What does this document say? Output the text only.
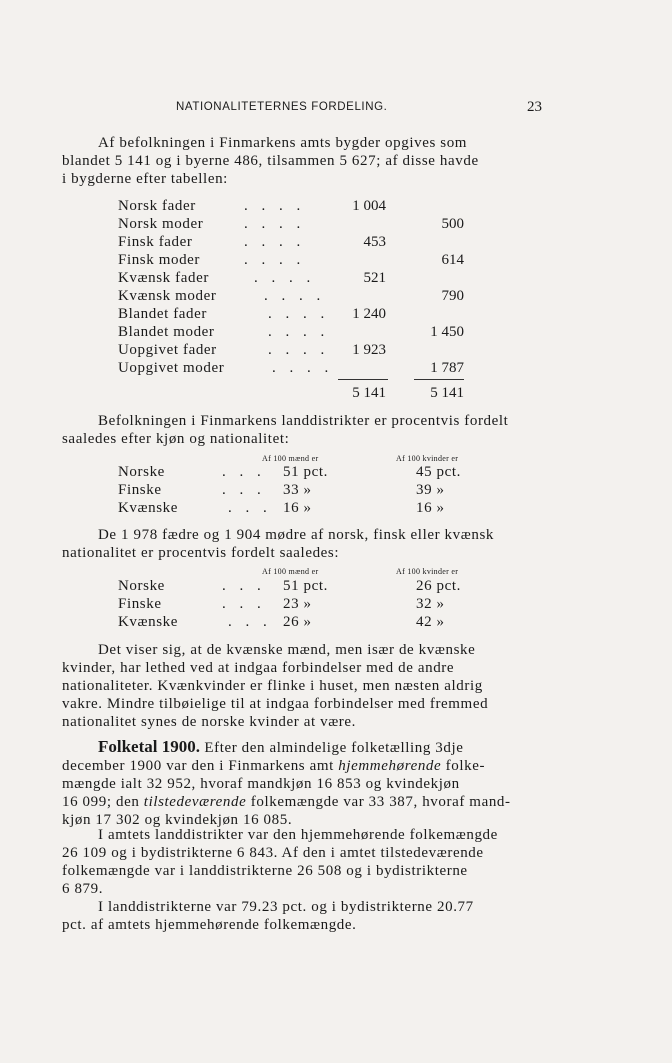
NATIONALITETERNES FORDELING.	23
Af befolkningen i Finmarkens amts bygder opgives som
blandet 5 141 og i byerne 486, tilsammen 5 627; af disse havde
i bygderne efter tabellen:
Norsk fader	. . . .	1 004
Norsk moder	. . . .	500
Finsk fader	. . . .	453
Finsk moder	. . . .	614
Kvænsk fader	. . . .	521
Kvænsk moder	. . . .	790
Blandet fader	. . . .	1 240
Blandet moder	. . . .	1 450
Uopgivet fader	. . . .	1 923
Uopgivet moder	. . . .	1 787
5 141	5 141
Befolkningen i Finmarkens landdistrikter er procentvis fordelt
saaledes efter kjøn og nationalitet:
Af 100 mænd er	Af 100 kvinder er
Norske	. . . 51 pct.	45 pct.
Finske	. . . 33 »	39 »
Kvænske	. . . 16 »	16 »
De 1 978 fædre og 1 904 mødre af norsk, finsk eller kvænsk
nationalitet er procentvis fordelt saaledes:
Af 100 mænd er	Af 100 kvinder er
Norske	. . . 51 pct.	26 pct.
Finske	. . . 23 »	32 »
Kvænske	. . . 26 »	42 »
Det viser sig, at de kvænske mænd, men især de kvænske
kvinder, har lethed ved at indgaa forbindelser med de andre
nationaliteter. Kvænkvinder er flinke i huset, men næsten aldrig
vakre. Mindre tilbøielige til at indgaa forbindelser med fremmed
nationalitet synes de norske kvinder at være.
Folketal 1900. Efter den almindelige folketælling 3dje
december 1900 var den i Finmarkens amt hjemmehørende folke-
mængde ialt 32 952, hvoraf mandkjøn 16 853 og kvindekjøn
16 099; den tilstedeværende folkemængde var 33 387, hvoraf mand-
kjøn 17 302 og kvindekjøn 16 085.
I amtets landdistrikter var den hjemmehørende folkemængde
26 109 og i bydistrikterne 6 843. Af den i amtet tilstedeværende
folkemængde var i landdistrikterne 26 508 og i bydistrikterne
6 879.
I landdistrikterne var 79.23 pct. og i bydistrikterne 20.77
pct. af amtets hjemmehørende folkemængde.
